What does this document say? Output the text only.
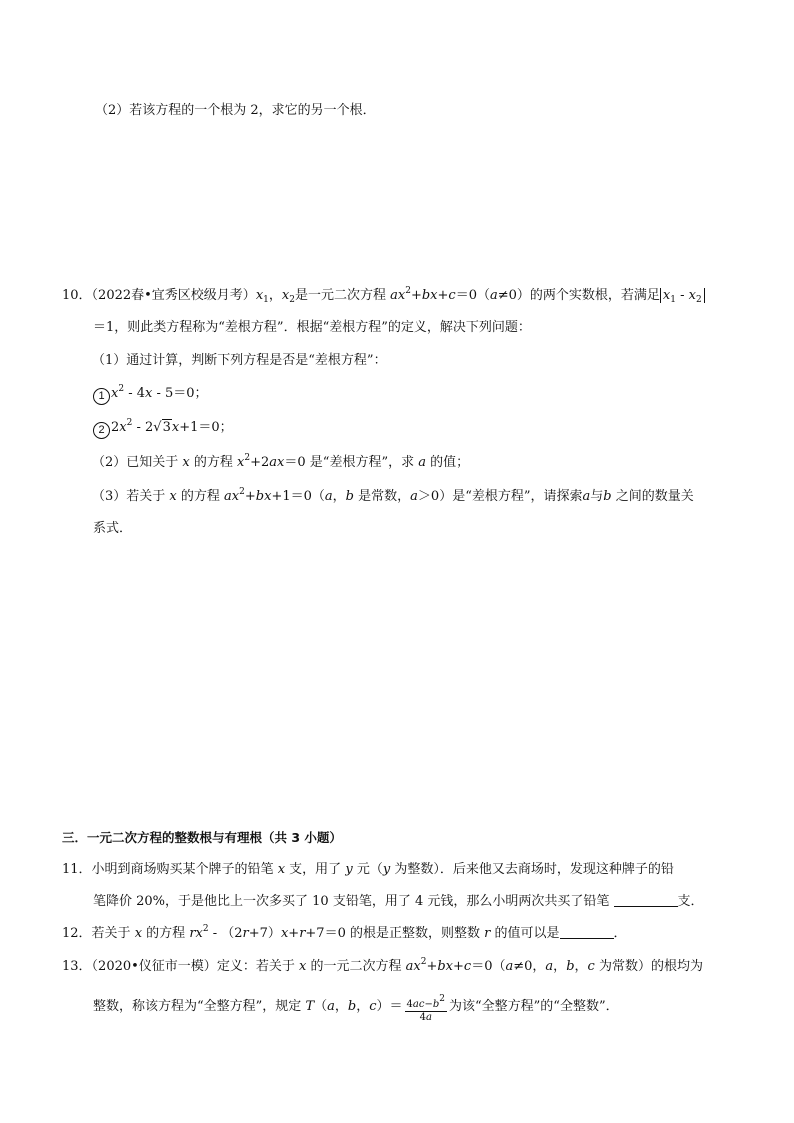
（2）若该方程的一个根为 2，求它的另一个根．
10．（2022春•宜秀区校级月考）$x_1$，$x_2$是一元二次方程 $ax^2+bx+c=0(a\ne 0)$的两个实数根，若满足 $x_1 - x_2$
＝1，则此类方程称为“差根方程”．根据“差根方程”的定义，解决下列问题：
（1）通过计算，判断下列方程是否是“差根方程”：
1 $x^2 - 4x - 5=0$；
2 $2x^2 - 2√3x+1=0$；
（2）已知关于 x 的方程 $x^2+2ax=0$ 是“差根方程”，求 a 的值；
（3）若关于 x 的方程 $ax^2+bx+1=0(a$，b 是常数，a＞0）是“差根方程”，请探索a与b 之间的数量关
系式．
三．一元二次方程的整数根与有理根（共 3 小题）
11．小明到商场购买某个牌子的铅笔 x 支，用了 y 元（y 为整数）．后来他又去商场时，发现这种牌子的铅
笔降价 20%，于是他比上一次多买了 10 支铅笔，用了 4 元钱，那么小明两次共买了铅笔	支．
12．若关于 x 的方程 $rx^2 - (2r+7)x+r+7=0$ 的根是正整数，则整数 r 的值可以是	．
13．（2020•仪征市一模）定义：若关于 x 的一元二次方程 $ax^2+bx+c=0(a\ne 0$，a，b，c 为常数）的根均为
整数，称该方程为“全整方程”，规定 T（a，b，$c)= \frac{4ac-b^2}{4a}$ 为该“全整方程”的“全整数”．
